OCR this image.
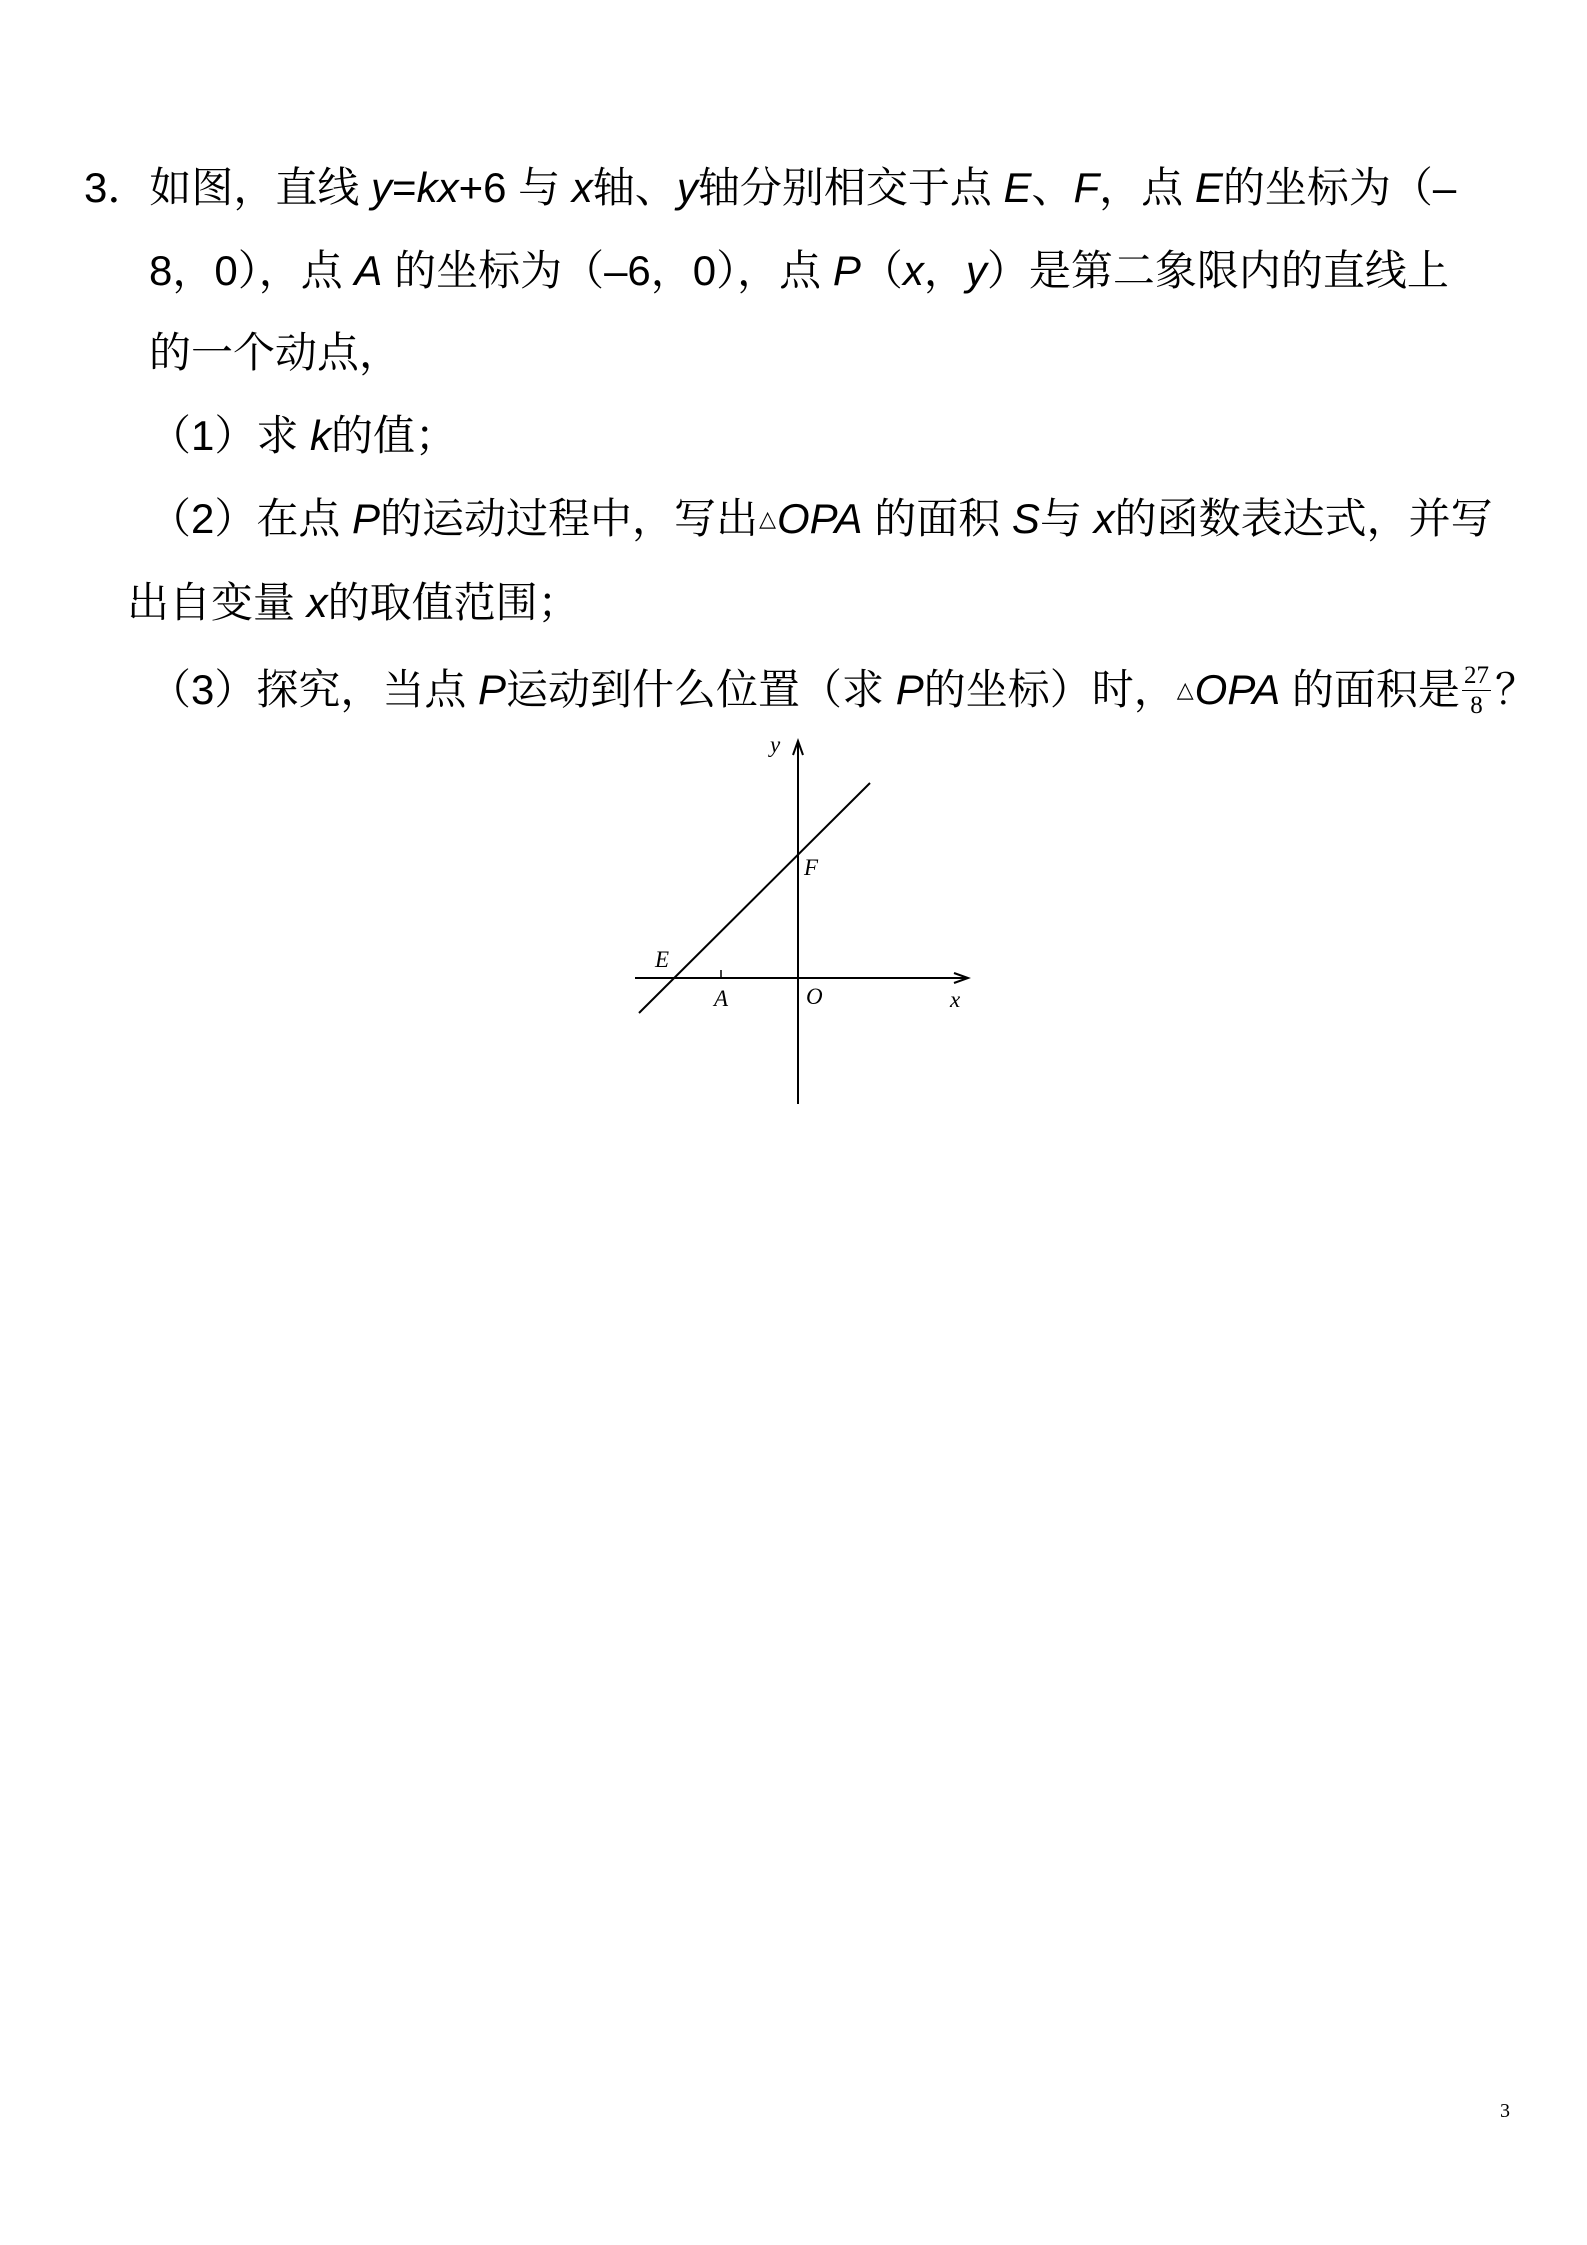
3．如图，直线 y = kx +6 与 x 轴、 y 轴分别相交于点 E 、 F ，点 E 的坐标为（–
8，0），点 A 的坐标为（–6，0），点 P （ x ， y ）是第二象限内的直线上
的一个动点，
（1）求 k 的值；
（2）在点 P 的运动过程中，写出 △ OPA 的面积 S 与 x 的函数表达式，并写
出自变量 x 的取值范围；
（3）探究，当点 P 运动到什么位置（求 P 的坐标）时， △ OPA 的面积是 $\frac{27}{8}$ ？
y
x
O
A
E
F
3
